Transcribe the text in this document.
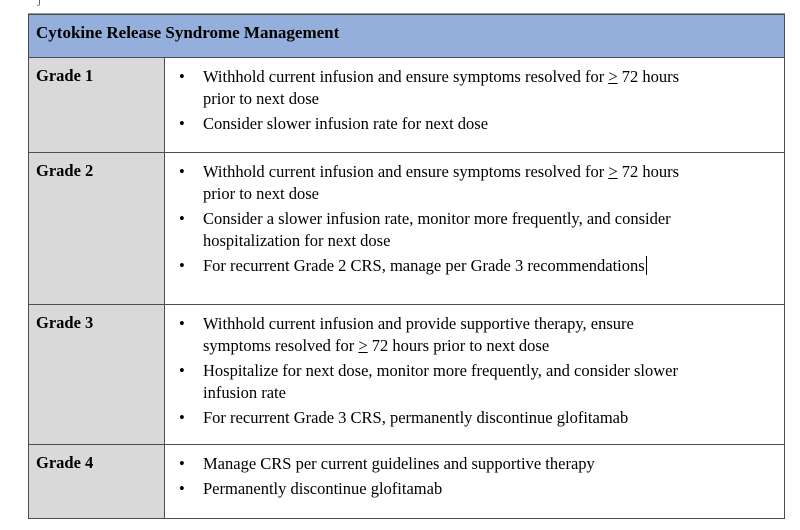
J
Cytokine Release Syndrome Management	
Grade 1	• Withhold current infusion and ensure symptoms resolved for ≥ 72 hours
prior to next dose
• Consider slower infusion rate for next dose

Grade 2	•	Withhold current infusion and ensure symptoms resolved for ≥ 72 hours
prior to next dose
•	Consider a slower infusion rate, monitor more frequently, and consider
hospitalization for next dose
•	For recurrent Grade 2 CRS, manage per Grade 3 recommendations

Grade 3	•	Withhold current infusion and provide supportive therapy, ensure
symptoms resolved for ≥ 72 hours prior to next dose
•	Hospitalize for next dose, monitor more frequently, and consider slower
infusion rate
•	For recurrent Grade 3 CRS, permanently discontinue glofitamab

Grade 4	• Manage CRS per current guidelines and supportive therapy
• Permanently discontinue glofitamab
